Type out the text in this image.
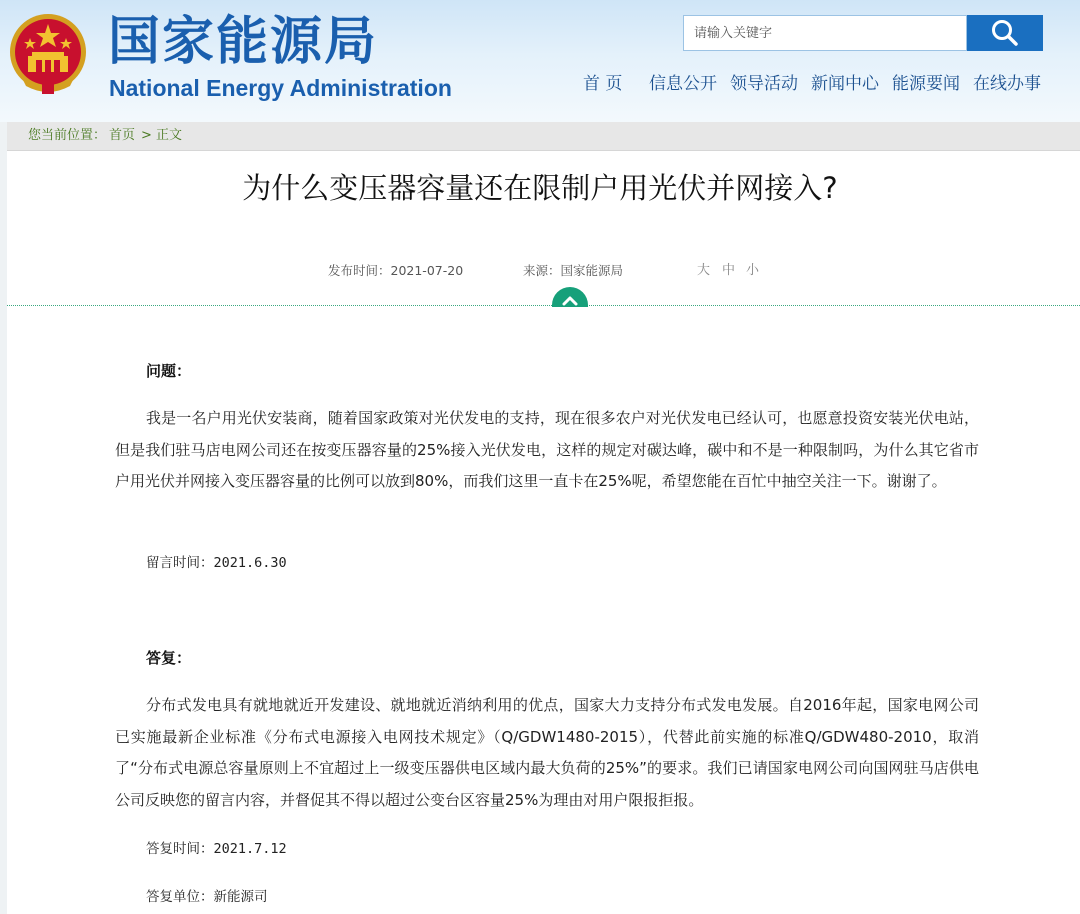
国家能源局
National Energy Administration
请输入关键字	首 页 信息公开 领导活动 新闻中心 能源要闻 在线办事
您当前位置： 首页 > 正文
为什么变压器容量还在限制户用光伏并网接入?
发布时间：2021-07-20	来源：国家能源局	大 中 小
问题：

我是一名户用光伏安装商，随着国家政策对光伏发电的支持，现在很多农户对光伏发电已经认可，也愿意投资安装光伏电站，但是我们驻马店电网公司还在按变压器容量的25%接入光伏发电，这样的规定对碳达峰，碳中和不是一种限制吗，为什么其它省市户用光伏并网接入变压器容量的比例可以放到80%，而我们这里一直卡在25%呢，希望您能在百忙中抽空关注一下。谢谢了。

留言时间：2021.6.30
答复：

分布式发电具有就地就近开发建设、就地就近消纳利用的优点，国家大力支持分布式发电发展。自2016年起，国家电网公司已实施最新企业标准《分布式电源接入电网技术规定》（Q/GDW1480-2015），代替此前实施的标准Q/GDW480-2010，取消了“分布式电源总容量原则上不宜超过上一级变压器供电区域内最大负荷的25%”的要求。我们已请国家电网公司向国网驻马店供电公司反映您的留言内容，并督促其不得以超过公变台区容量25%为理由对用户限报拒报。

答复时间：2021.7.12
答复单位：新能源司
